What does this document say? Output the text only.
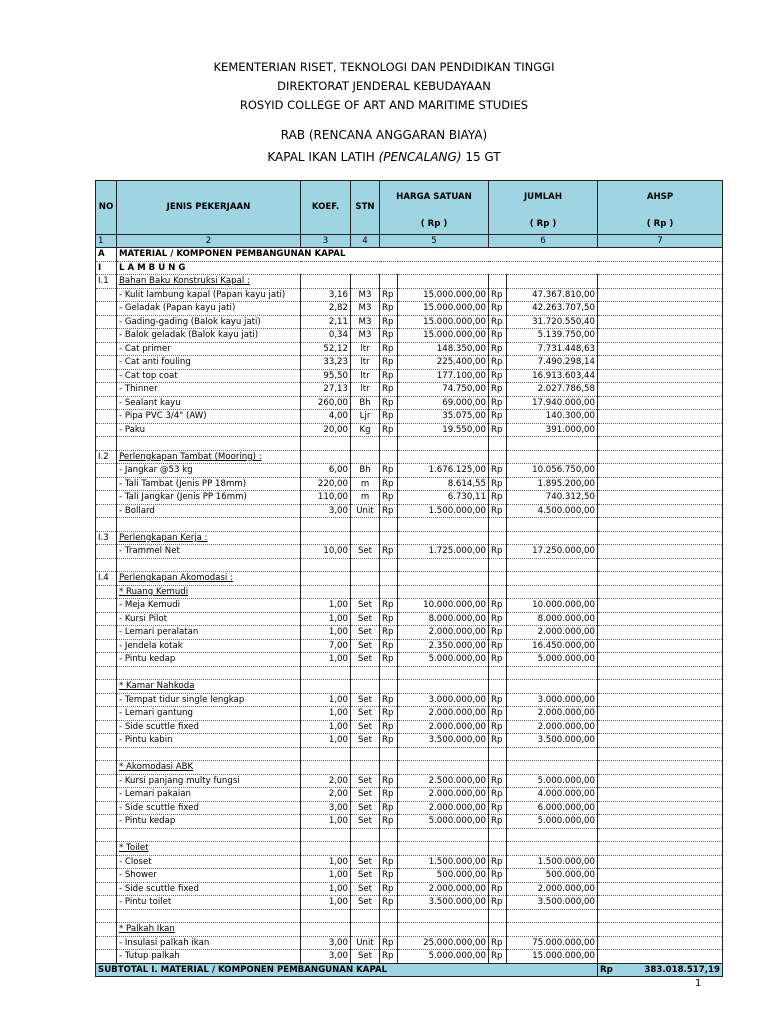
KEMENTERIAN RISET, TEKNOLOGI DAN PENDIDIKAN TINGGI
DIREKTORAT JENDERAL KEBUDAYAAN
ROSYID COLLEGE OF ART AND MARITIME STUDIES
RAB (RENCANA ANGGARAN BIAYA)
KAPAL IKAN LATIH (PENCALANG) 15 GT
NO	JENIS PEKERJAAN	KOEF.	STN	HARGA SATUAN		JUMLAH		AHSP
				( Rp )		( Rp )		( Rp )
1	2	3	4	5		6		7
A	MATERIAL / KOMPONEN PEMBANGUNAN KAPAL							
I	L A M B U N G							
I.1	Bahan Baku Konstruksi Kapal :							
	- Kulit lambung kapal (Papan kayu jati)	3,16	M3	Rp	15.000.000,00	Rp	47.367.810,00	
	- Geladak (Papan kayu jati)	2,82	M3	Rp	15.000.000,00	Rp	42.263.707,50	
	- Gading-gading (Balok kayu jati)	2,11	M3	Rp	15.000.000,00	Rp	31.720.550,40	
	- Balok geladak (Balok kayu jati)	0,34	M3	Rp	15.000.000,00	Rp	5.139.750,00	
	- Cat primer	52,12	ltr	Rp	148.350,00	Rp	7.731.448,63	
	- Cat anti fouling	33,23	ltr	Rp	225.400,00	Rp	7.490.298,14	
	- Cat top coat	95,50	ltr	Rp	177.100,00	Rp	16.913.603,44	
	- Thinner	27,13	ltr	Rp	74.750,00	Rp	2.027.786,58	
	- Sealant kayu	260,00	Bh	Rp	69.000,00	Rp	17.940.000,00	
	- Pipa PVC 3/4" (AW)	4,00	Ljr	Rp	35.075,00	Rp	140.300,00	
	- Paku	20,00	Kg	Rp	19.550,00	Rp	391.000,00	

I.2	Perlengkapan Tambat (Mooring) :							
	- Jangkar @53 kg	6,00	Bh	Rp	1.676.125,00	Rp	10.056.750,00	
	- Tali Tambat (Jenis PP 18mm)	220,00	m	Rp	8.614,55	Rp	1.895.200,00	
	- Tali Jangkar (Jenis PP 16mm)	110,00	m	Rp	6.730,11	Rp	740.312,50	
	- Bollard	3,00	Unit	Rp	1.500.000,00	Rp	4.500.000,00	

I.3	Perlengkapan Kerja :							
	- Trammel Net	10,00	Set	Rp	1.725.000,00	Rp	17.250.000,00	

I.4	Perlengkapan Akomodasi :							
	* Ruang Kemudi							
	- Meja Kemudi	1,00	Set	Rp	10.000.000,00	Rp	10.000.000,00	
	- Kursi Pilot	1,00	Set	Rp	8.000.000,00	Rp	8.000.000,00	
	- Lemari peralatan	1,00	Set	Rp	2.000.000,00	Rp	2.000.000,00	
	- Jendela kotak	7,00	Set	Rp	2.350.000,00	Rp	16.450.000,00	
	- Pintu kedap	1,00	Set	Rp	5.000.000,00	Rp	5.000.000,00	

	* Kamar Nahkoda							
	- Tempat tidur single lengkap	1,00	Set	Rp	3.000.000,00	Rp	3.000.000,00	
	- Lemari gantung	1,00	Set	Rp	2.000.000,00	Rp	2.000.000,00	
	- Side scuttle fixed	1,00	Set	Rp	2.000.000,00	Rp	2.000.000,00	
	- Pintu kabin	1,00	Set	Rp	3.500.000,00	Rp	3.500.000,00	

	* Akomodasi ABK							
	- Kursi panjang multy fungsi	2,00	Set	Rp	2.500.000,00	Rp	5.000.000,00	
	- Lemari pakaian	2,00	Set	Rp	2.000.000,00	Rp	4.000.000,00	
	- Side scuttle fixed	3,00	Set	Rp	2.000.000,00	Rp	6.000.000,00	
	- Pintu kedap	1,00	Set	Rp	5.000.000,00	Rp	5.000.000,00	

	* Toilet							
	- Closet	1,00	Set	Rp	1.500.000,00	Rp	1.500.000,00	
	- Shower	1,00	Set	Rp	500.000,00	Rp	500.000,00	
	- Side scuttle fixed	1,00	Set	Rp	2.000.000,00	Rp	2.000.000,00	
	- Pintu toilet	1,00	Set	Rp	3.500.000,00	Rp	3.500.000,00	

	* Palkah Ikan							
	- Insulasi palkah ikan	3,00	Unit	Rp	25.000.000,00	Rp	75.000.000,00	
	- Tutup palkah	3,00	Set	Rp	5.000.000,00	Rp	15.000.000,00	
SUBTOTAL I. MATERIAL / KOMPONEN PEMBANGUNAN KAPAL								Rp 383.018.517,19
1
